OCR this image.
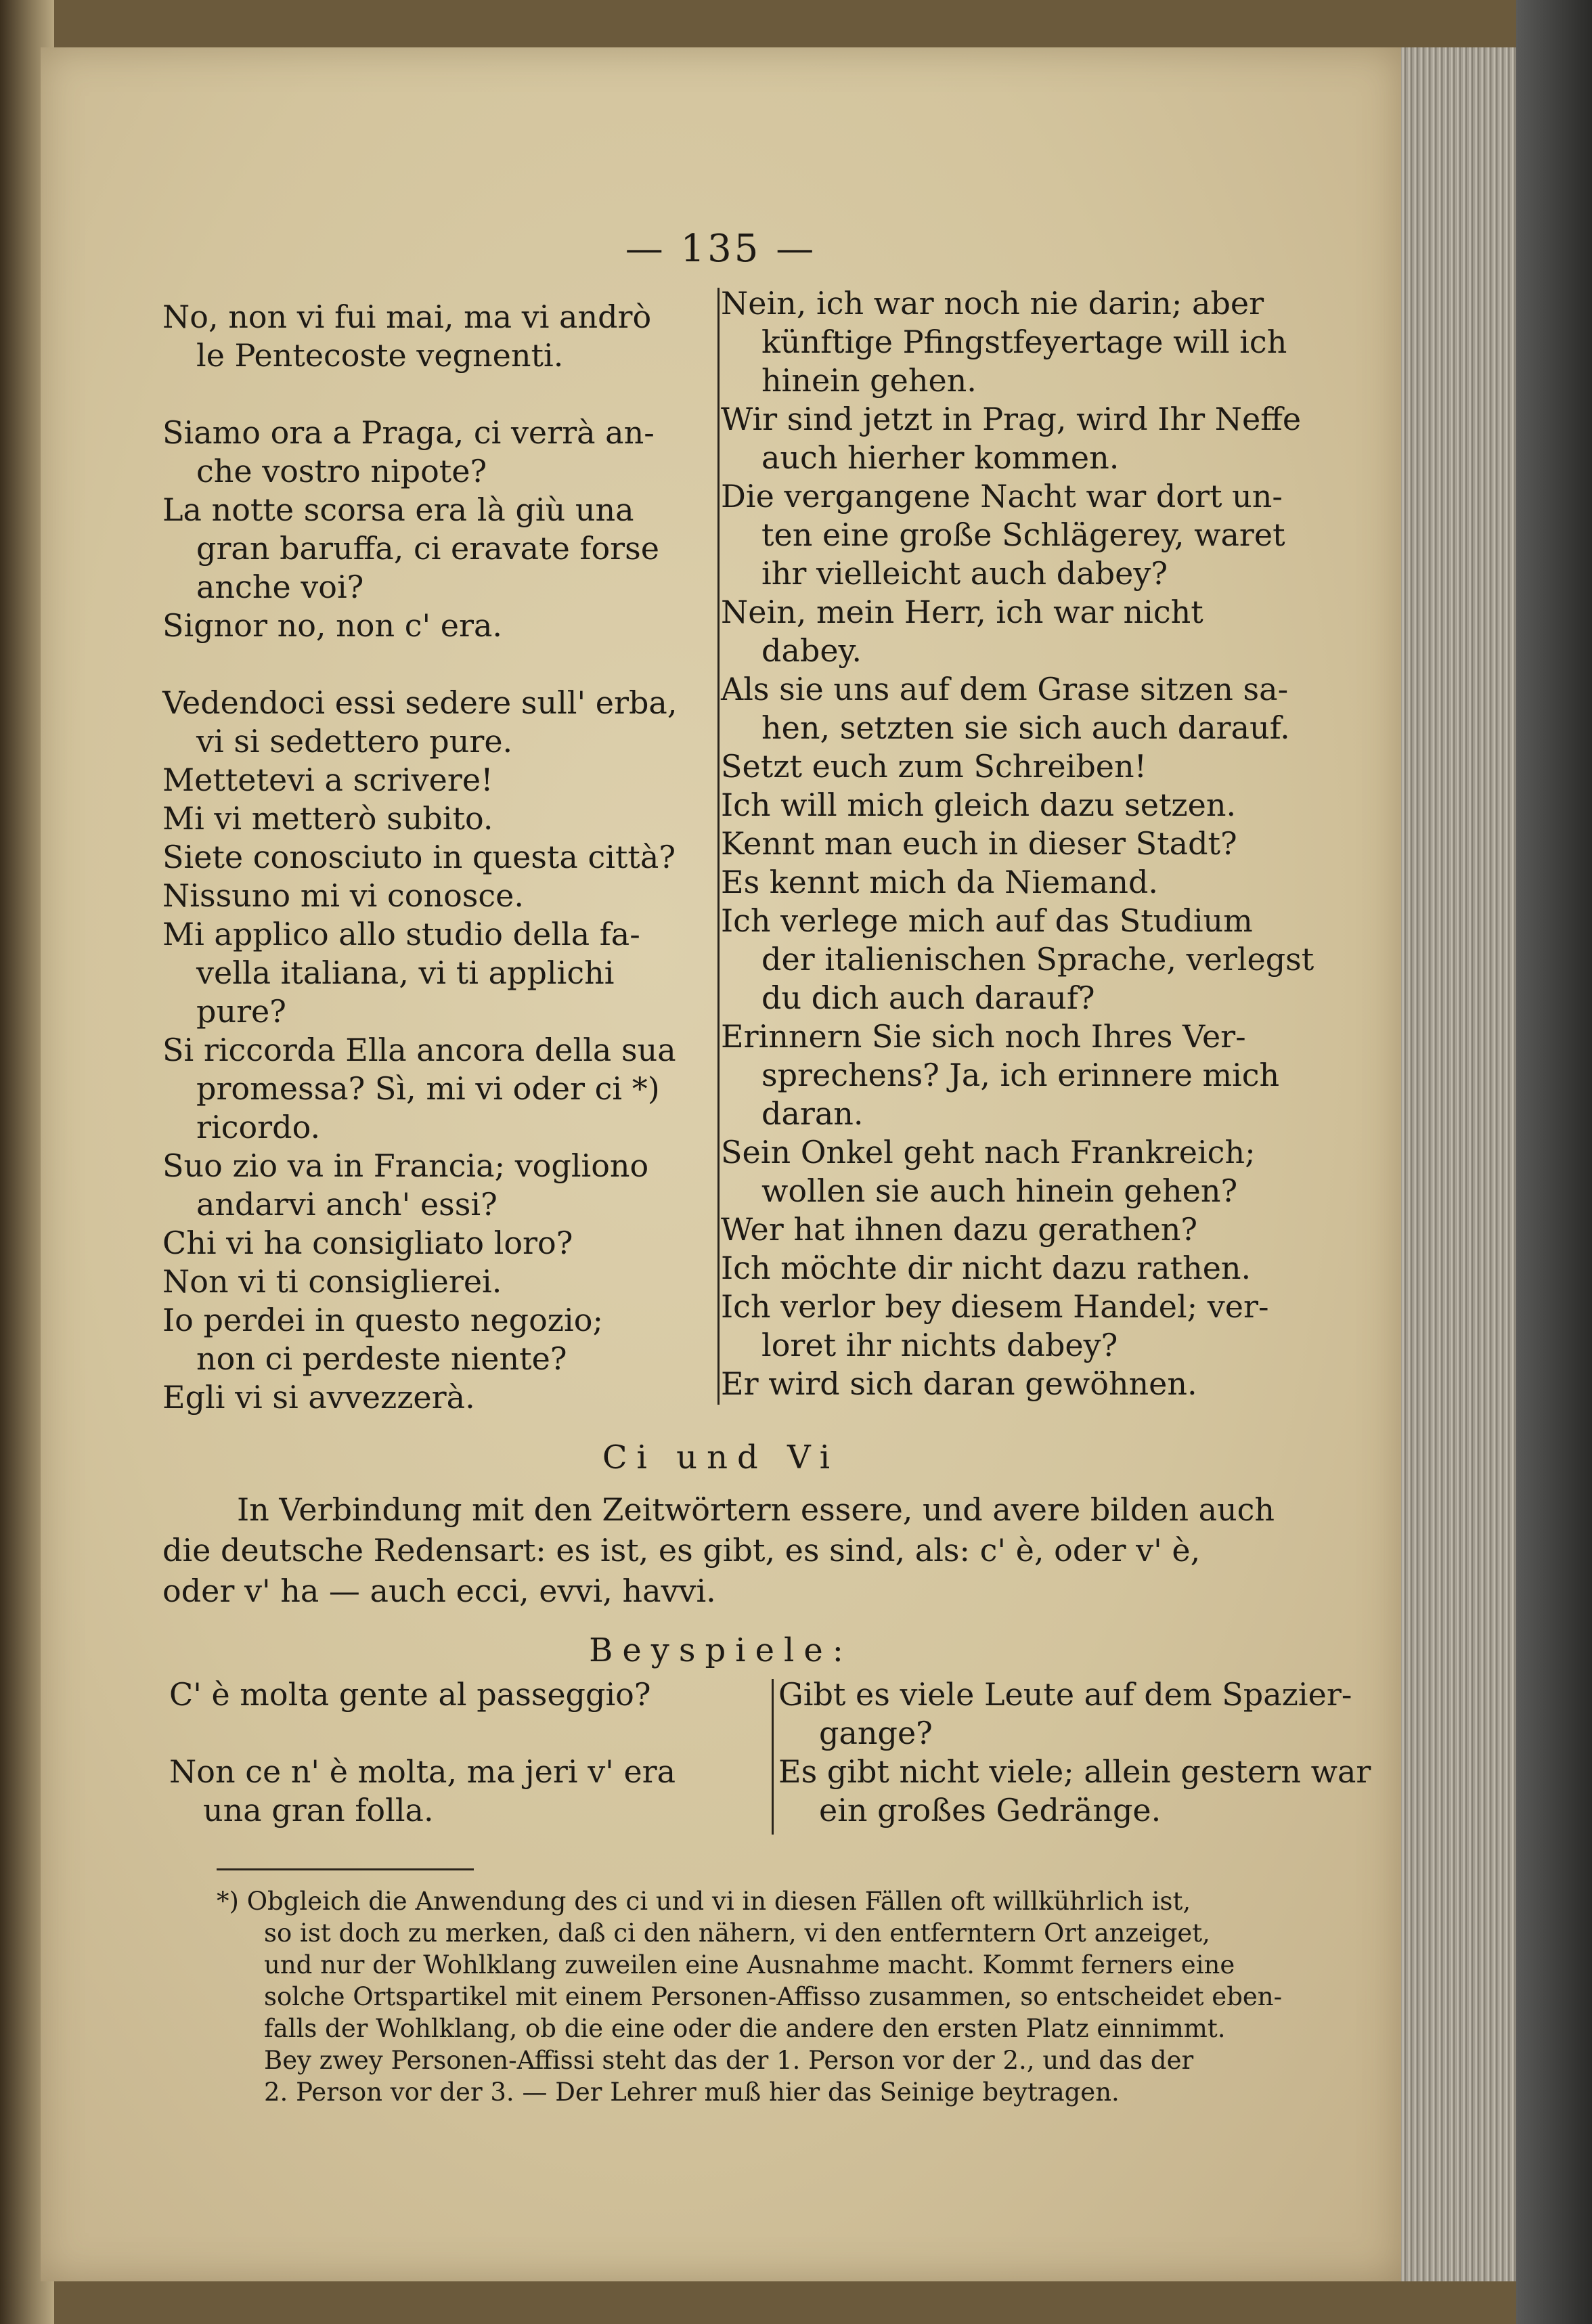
— 135 —
No, non vi fui mai, ma vi andrò
le Pentecoste vegnenti.
Siamo ora a Praga, ci verrà an-
che vostro nipote?
La notte scorsa era là giù una
gran baruffa, ci eravate forse
anche voi?
Signor no, non c' era.
Vedendoci essi sedere sull' erba,
vi si sedettero pure.
Mettetevi a scrivere!
Mi vi metterò subito.
Siete conosciuto in questa città?
Nissuno mi vi conosce.
Mi applico allo studio della fa-
vella italiana, vi ti applichi
pure?
Si riccorda Ella ancora della sua
promessa? Sì, mi vi oder ci *)
ricordo.
Suo zio va in Francia; vogliono
andarvi anch' essi?
Chi vi ha consigliato loro?
Non vi ti consiglierei.
Io perdei in questo negozio;
non ci perdeste niente?
Egli vi si avvezzerà.
Nein, ich war noch nie darin; aber
künftige Pfingstfeyertage will ich
hinein gehen.
Wir sind jetzt in Prag, wird Ihr Neffe
auch hierher kommen.
Die vergangene Nacht war dort un-
ten eine große Schlägerey, waret
ihr vielleicht auch dabey?
Nein, mein Herr, ich war nicht
dabey.
Als sie uns auf dem Grase sitzen sa-
hen, setzten sie sich auch darauf.
Setzt euch zum Schreiben!
Ich will mich gleich dazu setzen.
Kennt man euch in dieser Stadt?
Es kennt mich da Niemand.
Ich verlege mich auf das Studium
der italienischen Sprache, verlegst
du dich auch darauf?
Erinnern Sie sich noch Ihres Ver-
sprechens? Ja, ich erinnere mich
daran.
Sein Onkel geht nach Frankreich;
wollen sie auch hinein gehen?
Wer hat ihnen dazu gerathen?
Ich möchte dir nicht dazu rathen.
Ich verlor bey diesem Handel; ver-
loret ihr nichts dabey?
Er wird sich daran gewöhnen.
Ci und Vi
In Verbindung mit den Zeitwörtern essere, und avere bilden auch
die deutsche Redensart: es ist, es gibt, es sind, als: c' è, oder v' è,
oder v' ha — auch ecci, evvi, havvi.
Beyspiele:
C' è molta gente al passeggio?
Non ce n' è molta, ma jeri v' era
una gran folla.
Gibt es viele Leute auf dem Spazier-
gange?
Es gibt nicht viele; allein gestern war
ein großes Gedränge.
*) Obgleich die Anwendung des ci und vi in diesen Fällen oft willkührlich ist,
so ist doch zu merken, daß ci den nähern, vi den entferntern Ort anzeiget,
und nur der Wohlklang zuweilen eine Ausnahme macht. Kommt ferners eine
solche Ortspartikel mit einem Personen-Affisso zusammen, so entscheidet eben-
falls der Wohlklang, ob die eine oder die andere den ersten Platz einnimmt.
Bey zwey Personen-Affissi steht das der 1. Person vor der 2., und das der
2. Person vor der 3. — Der Lehrer muß hier das Seinige beytragen.
